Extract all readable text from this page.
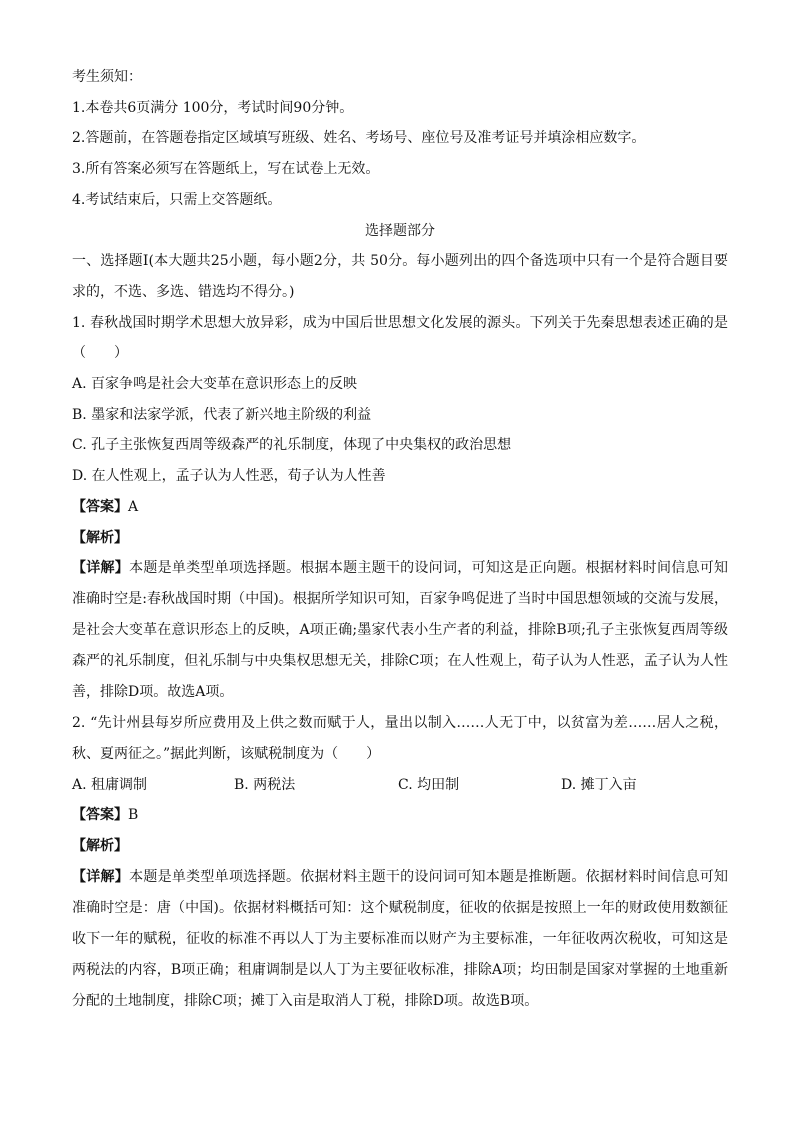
考生须知：
1.本卷共6页满分 100分，考试时间90分钟。
2.答题前，在答题卷指定区域填写班级、姓名、考场号、座位号及准考证号并填涂相应数字。
3.所有答案必须写在答题纸上，写在试卷上无效。
4.考试结束后，只需上交答题纸。
选择题部分
一、选择题Ⅰ(本大题共25小题，每小题2分，共 50分。每小题列出的四个备选项中只有一个是符合题目要求的，不选、多选、错选均不得分。)
1. 春秋战国时期学术思想大放异彩，成为中国后世思想文化发展的源头。下列关于先秦思想表述正确的是（　　）
A. 百家争鸣是社会大变革在意识形态上的反映
B. 墨家和法家学派，代表了新兴地主阶级的利益
C. 孔子主张恢复西周等级森严的礼乐制度，体现了中央集权的政治思想
D. 在人性观上，孟子认为人性恶，荀子认为人性善
【答案】A
【解析】
【详解】本题是单类型单项选择题。根据本题主题干的设问词，可知这是正向题。根据材料时间信息可知准确时空是:春秋战国时期（中国)。根据所学知识可知，百家争鸣促进了当时中国思想领域的交流与发展，是社会大变革在意识形态上的反映，A项正确;墨家代表小生产者的利益，排除B项;孔子主张恢复西周等级森严的礼乐制度，但礼乐制与中央集权思想无关，排除C项；在人性观上，荀子认为人性恶，孟子认为人性善，排除D项。故选A项。
2. “先计州县每岁所应费用及上供之数而赋于人，量出以制入……人无丁中，以贫富为差……居人之税，秋、夏两征之。”据此判断，该赋税制度为（　　）
A. 租庸调制	B. 两税法	C. 均田制	D. 摊丁入亩
【答案】B
【解析】
【详解】本题是单类型单项选择题。依据材料主题干的设问词可知本题是推断题。依据材料时间信息可知准确时空是：唐（中国)。依据材料概括可知：这个赋税制度，征收的依据是按照上一年的财政使用数额征收下一年的赋税，征收的标准不再以人丁为主要标准而以财产为主要标准，一年征收两次税收，可知这是两税法的内容，B项正确；租庸调制是以人丁为主要征收标准，排除A项；均田制是国家对掌握的土地重新分配的土地制度，排除C项；摊丁入亩是取消人丁税，排除D项。故选B项。
